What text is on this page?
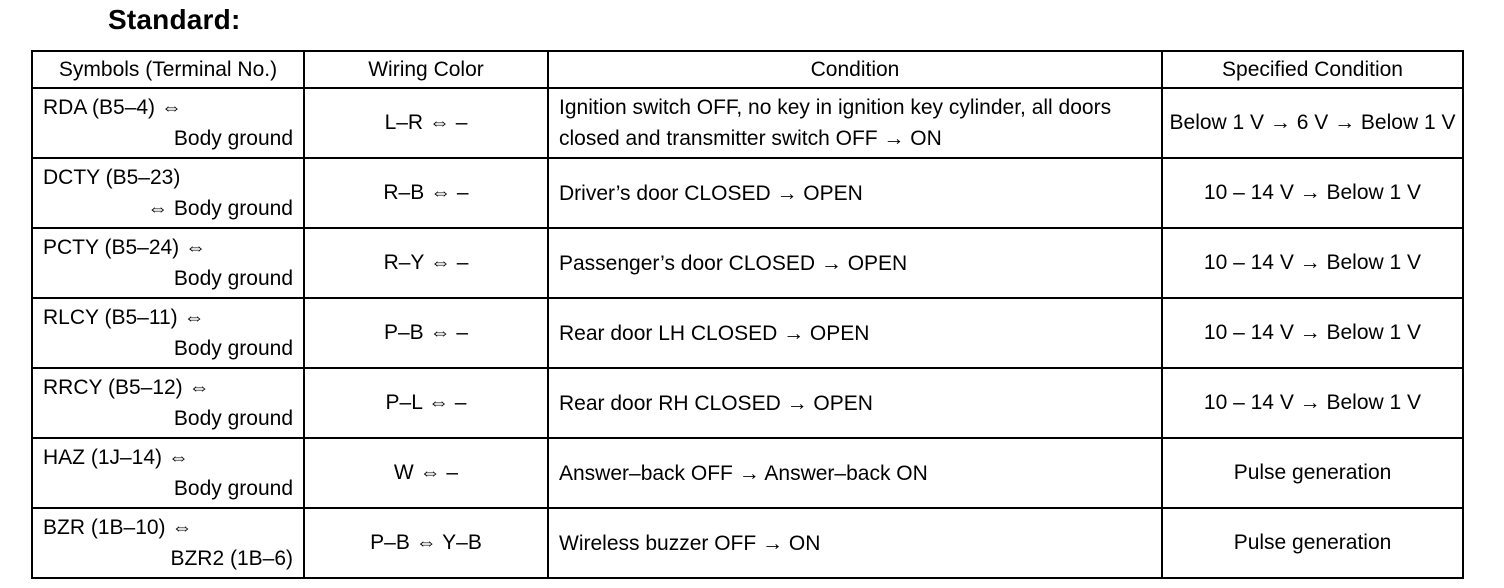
Standard:
Symbols (Terminal No.)	Wiring Color	Condition	Specified Condition

RDA (B5–4) ⇔
Body ground	L–R ⇔ –	Ignition switch OFF, no key in ignition key cylinder, all doors closed and transmitter switch OFF → ON	Below 1 V → 6 V → Below 1 V

DCTY (B5–23)
⇔ Body ground	R–B ⇔ –	Driver’s door CLOSED → OPEN	10 – 14 V → Below 1 V

PCTY (B5–24) ⇔
Body ground	R–Y ⇔ –	Passenger’s door CLOSED → OPEN	10 – 14 V → Below 1 V

RLCY (B5–11) ⇔
Body ground	P–B ⇔ –	Rear door LH CLOSED → OPEN	10 – 14 V → Below 1 V

RRCY (B5–12) ⇔
Body ground	P–L ⇔ –	Rear door RH CLOSED → OPEN	10 – 14 V → Below 1 V

HAZ (1J–14) ⇔
Body ground	W ⇔ –	Answer–back OFF → Answer–back ON	Pulse generation

BZR (1B–10) ⇔
BZR2 (1B–6)	P–B ⇔ Y–B	Wireless buzzer OFF → ON	Pulse generation
